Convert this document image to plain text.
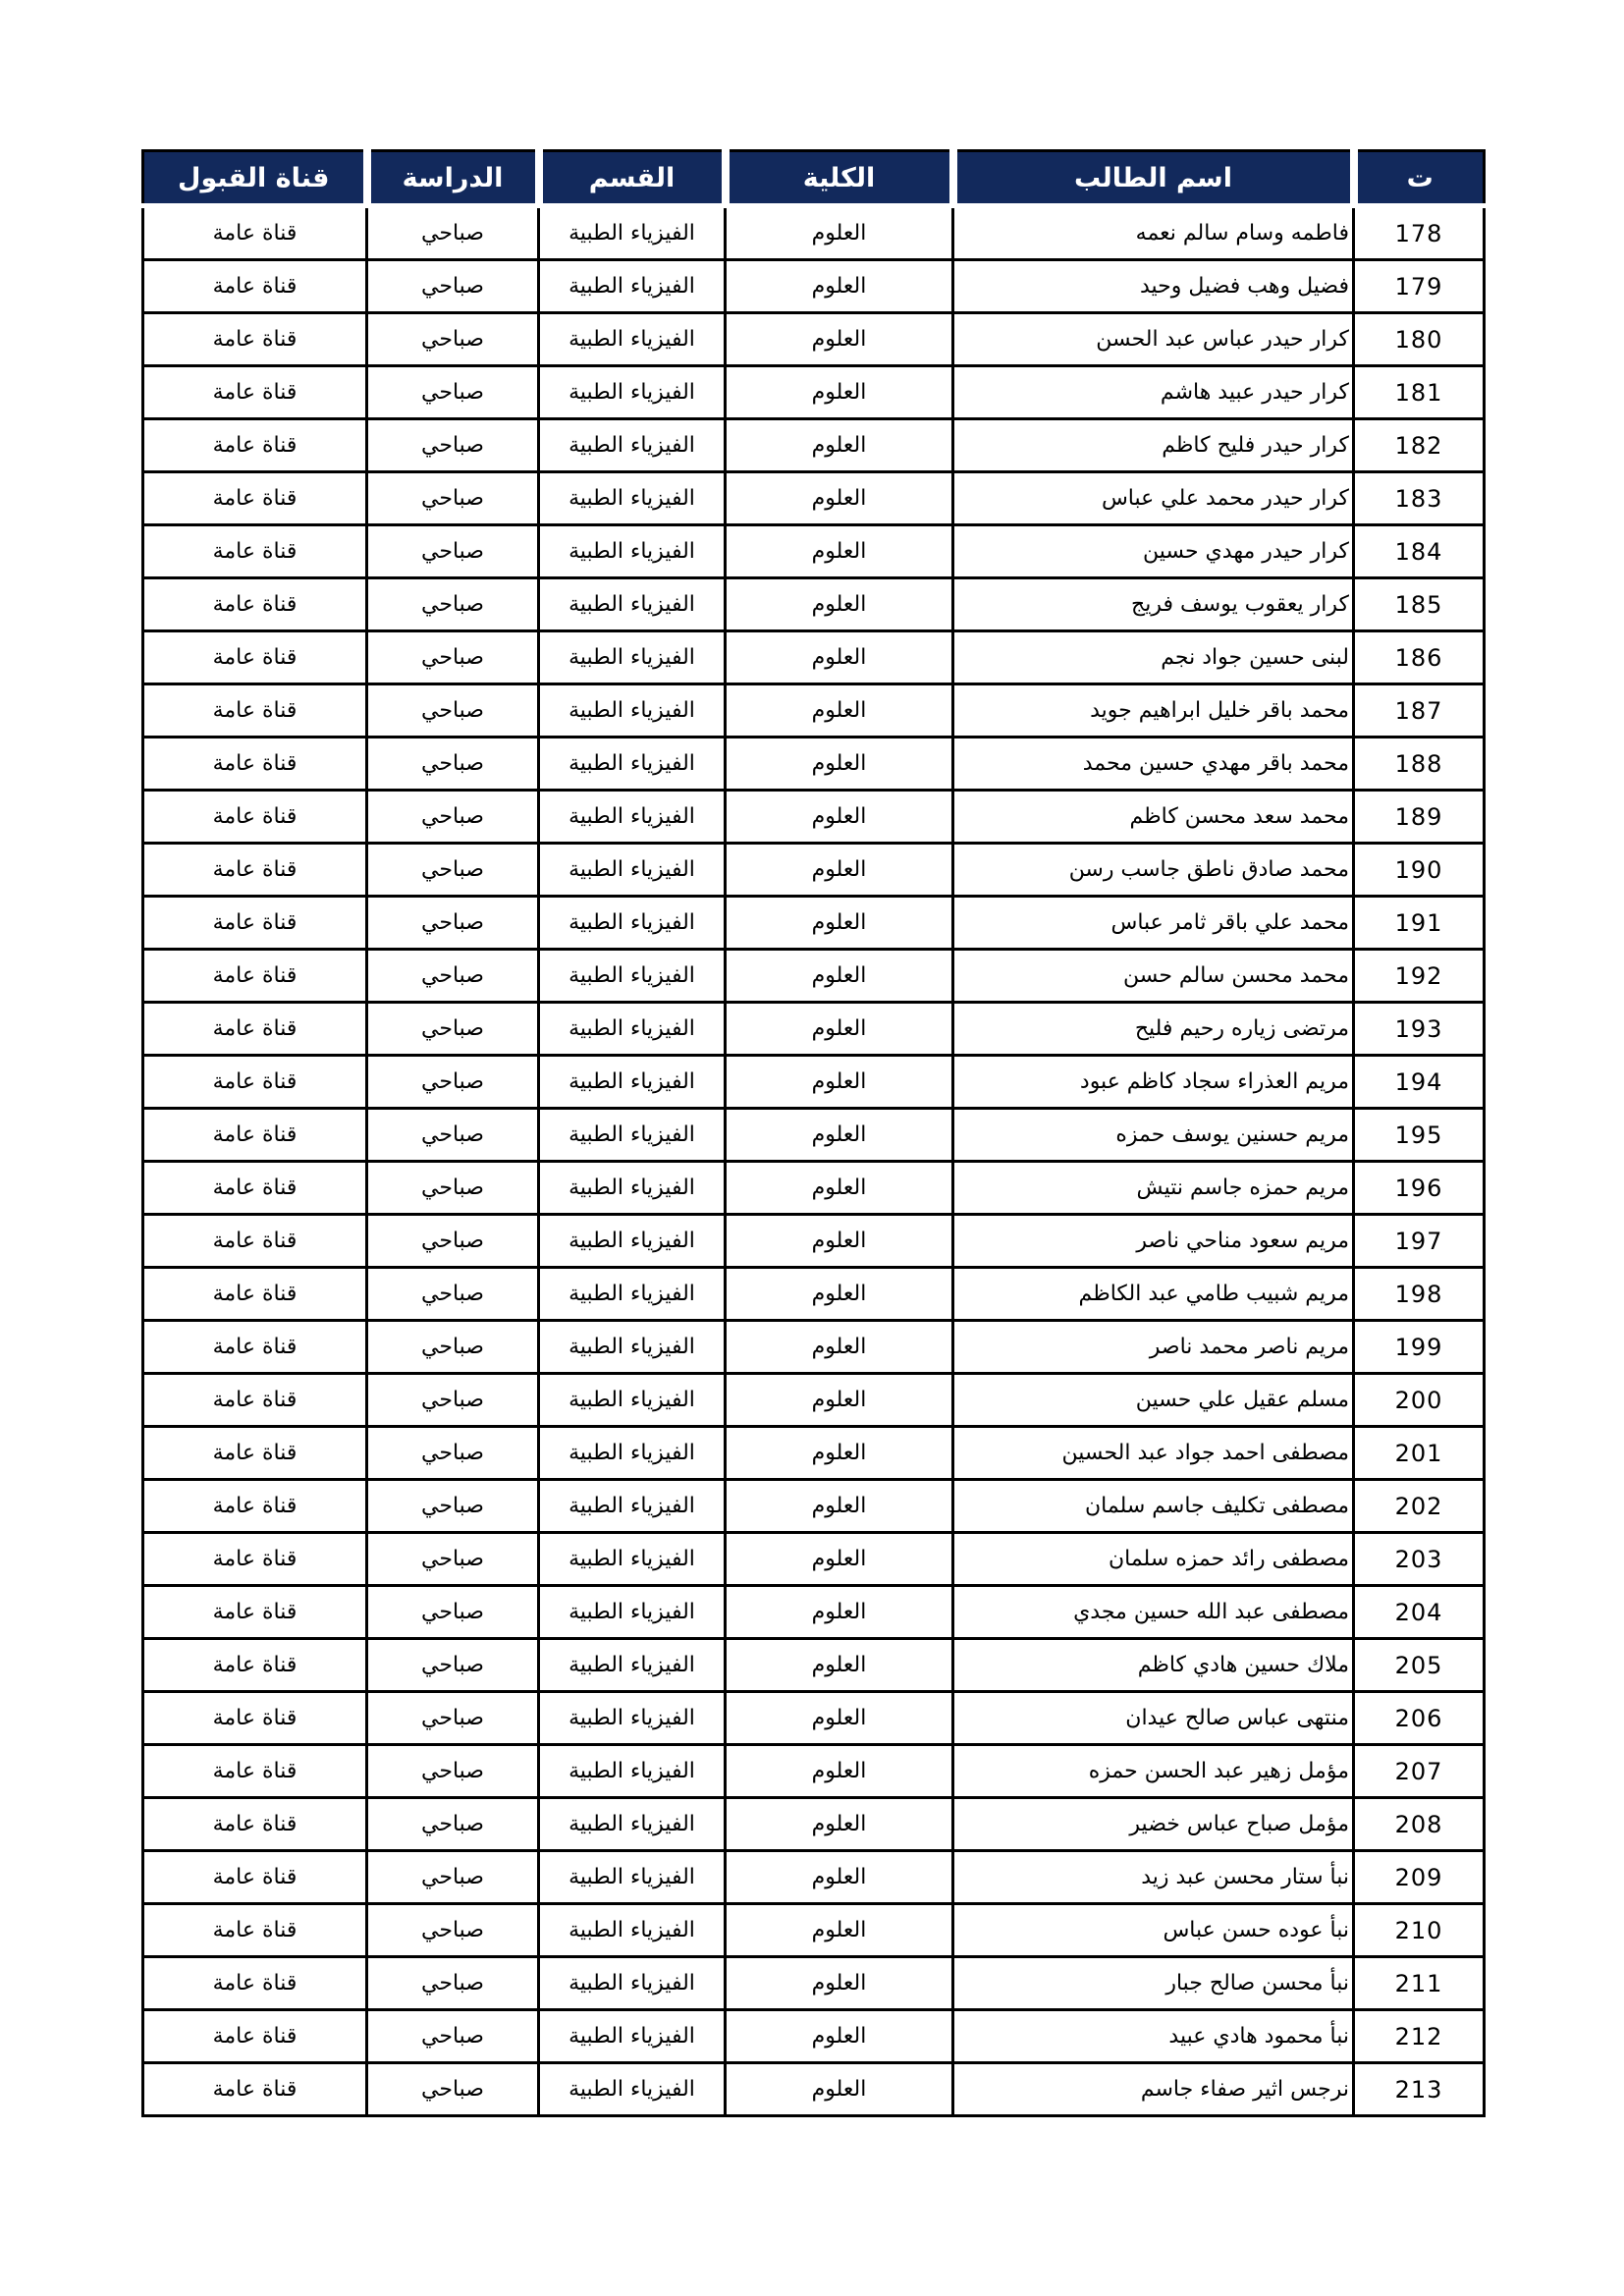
ت	اسم الطالب	الكلية	القسم	الدراسة	قناة القبول
178	فاطمه وسام سالم نعمه	العلوم	الفيزياء الطبية	صباحي	قناة عامة
179	فضيل وهب فضيل وحيد	العلوم	الفيزياء الطبية	صباحي	قناة عامة
180	كرار حيدر عباس عبد الحسن	العلوم	الفيزياء الطبية	صباحي	قناة عامة
181	كرار حيدر عبيد هاشم	العلوم	الفيزياء الطبية	صباحي	قناة عامة
182	كرار حيدر فليح كاظم	العلوم	الفيزياء الطبية	صباحي	قناة عامة
183	كرار حيدر محمد علي عباس	العلوم	الفيزياء الطبية	صباحي	قناة عامة
184	كرار حيدر مهدي حسين	العلوم	الفيزياء الطبية	صباحي	قناة عامة
185	كرار يعقوب يوسف فريج	العلوم	الفيزياء الطبية	صباحي	قناة عامة
186	لبنى حسين جواد نجم	العلوم	الفيزياء الطبية	صباحي	قناة عامة
187	محمد باقر خليل ابراهيم جويد	العلوم	الفيزياء الطبية	صباحي	قناة عامة
188	محمد باقر مهدي حسين محمد	العلوم	الفيزياء الطبية	صباحي	قناة عامة
189	محمد سعد محسن كاظم	العلوم	الفيزياء الطبية	صباحي	قناة عامة
190	محمد صادق ناطق جاسب رسن	العلوم	الفيزياء الطبية	صباحي	قناة عامة
191	محمد علي باقر ثامر عباس	العلوم	الفيزياء الطبية	صباحي	قناة عامة
192	محمد محسن سالم حسن	العلوم	الفيزياء الطبية	صباحي	قناة عامة
193	مرتضى زياره رحيم فليح	العلوم	الفيزياء الطبية	صباحي	قناة عامة
194	مريم العذراء سجاد كاظم عبود	العلوم	الفيزياء الطبية	صباحي	قناة عامة
195	مريم حسنين يوسف حمزه	العلوم	الفيزياء الطبية	صباحي	قناة عامة
196	مريم حمزه جاسم نتيش	العلوم	الفيزياء الطبية	صباحي	قناة عامة
197	مريم سعود مناحي ناصر	العلوم	الفيزياء الطبية	صباحي	قناة عامة
198	مريم شبيب طامي عبد الكاظم	العلوم	الفيزياء الطبية	صباحي	قناة عامة
199	مريم ناصر محمد ناصر	العلوم	الفيزياء الطبية	صباحي	قناة عامة
200	مسلم عقيل علي حسين	العلوم	الفيزياء الطبية	صباحي	قناة عامة
201	مصطفى احمد جواد عبد الحسين	العلوم	الفيزياء الطبية	صباحي	قناة عامة
202	مصطفى تكليف جاسم سلمان	العلوم	الفيزياء الطبية	صباحي	قناة عامة
203	مصطفى رائد حمزه سلمان	العلوم	الفيزياء الطبية	صباحي	قناة عامة
204	مصطفى عبد الله حسين مجدي	العلوم	الفيزياء الطبية	صباحي	قناة عامة
205	ملاك حسين هادي كاظم	العلوم	الفيزياء الطبية	صباحي	قناة عامة
206	منتهى عباس صالح عيدان	العلوم	الفيزياء الطبية	صباحي	قناة عامة
207	مؤمل زهير عبد الحسن حمزه	العلوم	الفيزياء الطبية	صباحي	قناة عامة
208	مؤمل صباح عباس خضير	العلوم	الفيزياء الطبية	صباحي	قناة عامة
209	نبأ ستار محسن عبد زيد	العلوم	الفيزياء الطبية	صباحي	قناة عامة
210	نبأ عوده حسن عباس	العلوم	الفيزياء الطبية	صباحي	قناة عامة
211	نبأ محسن صالح جبار	العلوم	الفيزياء الطبية	صباحي	قناة عامة
212	نبأ محمود هادي عبيد	العلوم	الفيزياء الطبية	صباحي	قناة عامة
213	نرجس اثير صفاء جاسم	العلوم	الفيزياء الطبية	صباحي	قناة عامة
